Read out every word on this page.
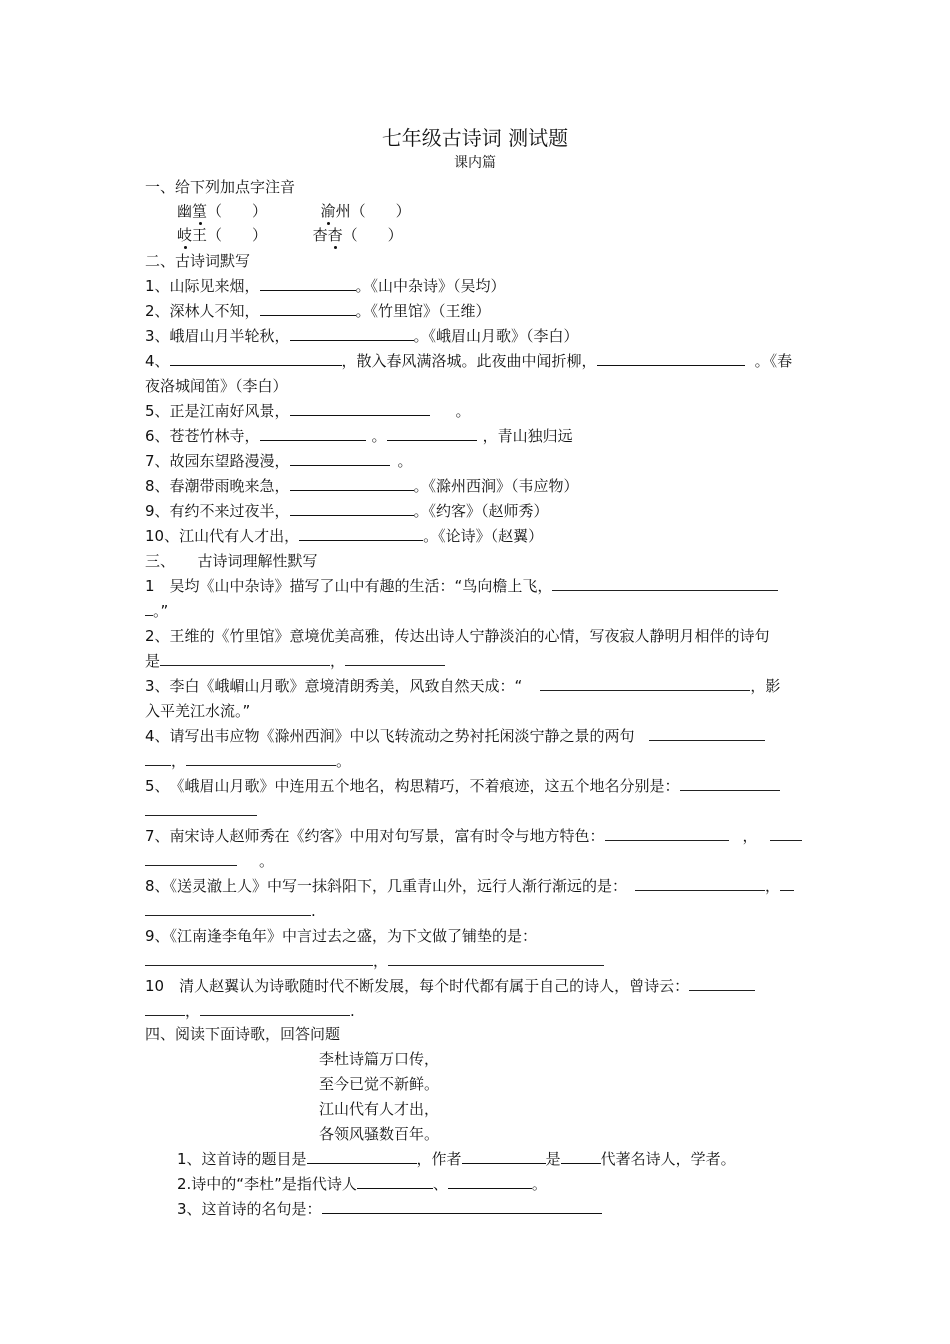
七年级古诗词 测试题
课内篇
一、给下列加点字注音
幽篁（　　）	渝州（　　）
岐王（　　）	杳杳（　　）
二、古诗词默写
1、山际见来烟，	。《山中杂诗》（吴均）
2、深林人不知，	。《竹里馆》（王维）
3、峨眉山月半轮秋，	。《峨眉山月歌》（李白）
4、	，散入春风满洛城。此夜曲中闻折柳，	。《春
夜洛城闻笛》（李白）
5、正是江南好风景，	。
6、苍苍竹林寺，	。	，青山独归远
7、故园东望路漫漫，	。
8、春潮带雨晚来急，	。《滁州西涧》（韦应物）
9、有约不来过夜半，	。《约客》（赵师秀）
10、江山代有人才出，	。《论诗》（赵翼）
三、　　古诗词理解性默写
1　吴均《山中杂诗》描写了山中有趣的生活：“鸟向檐上飞，
。”
2、王维的《竹里馆》意境优美高雅，传达出诗人宁静淡泊的心情，写夜寂人静明月相伴的诗句
是	，
3、李白《峨嵋山月歌》意境清朗秀美，风致自然天成：“	，影
入平羌江水流。”
4、请写出韦应物《滁州西涧》中以飞转流动之势衬托闲淡宁静之景的两句
，	。
5、　《峨眉山月歌》中连用五个地名，构思精巧，不着痕迹，这五个地名分别是：
7、南宋诗人赵师秀在《约客》中用对句写景，富有时令与地方特色：	，
。
8、《送灵澈上人》中写一抹斜阳下，几重青山外，远行人渐行渐远的是：	，
.
9、《江南逢李龟年》中言过去之盛，为下文做了铺垫的是：
，
10　清人赵翼认为诗歌随时代不断发展，每个时代都有属于自己的诗人，曾诗云：
，	.
四、阅读下面诗歌，回答问题
李杜诗篇万口传，
至今已觉不新鲜。
江山代有人才出，
各领风骚数百年。
1、这首诗的题目是	，作者	是	代著名诗人，学者。
2.诗中的“李杜”是指代诗人	、	。
3、这首诗的名句是：
